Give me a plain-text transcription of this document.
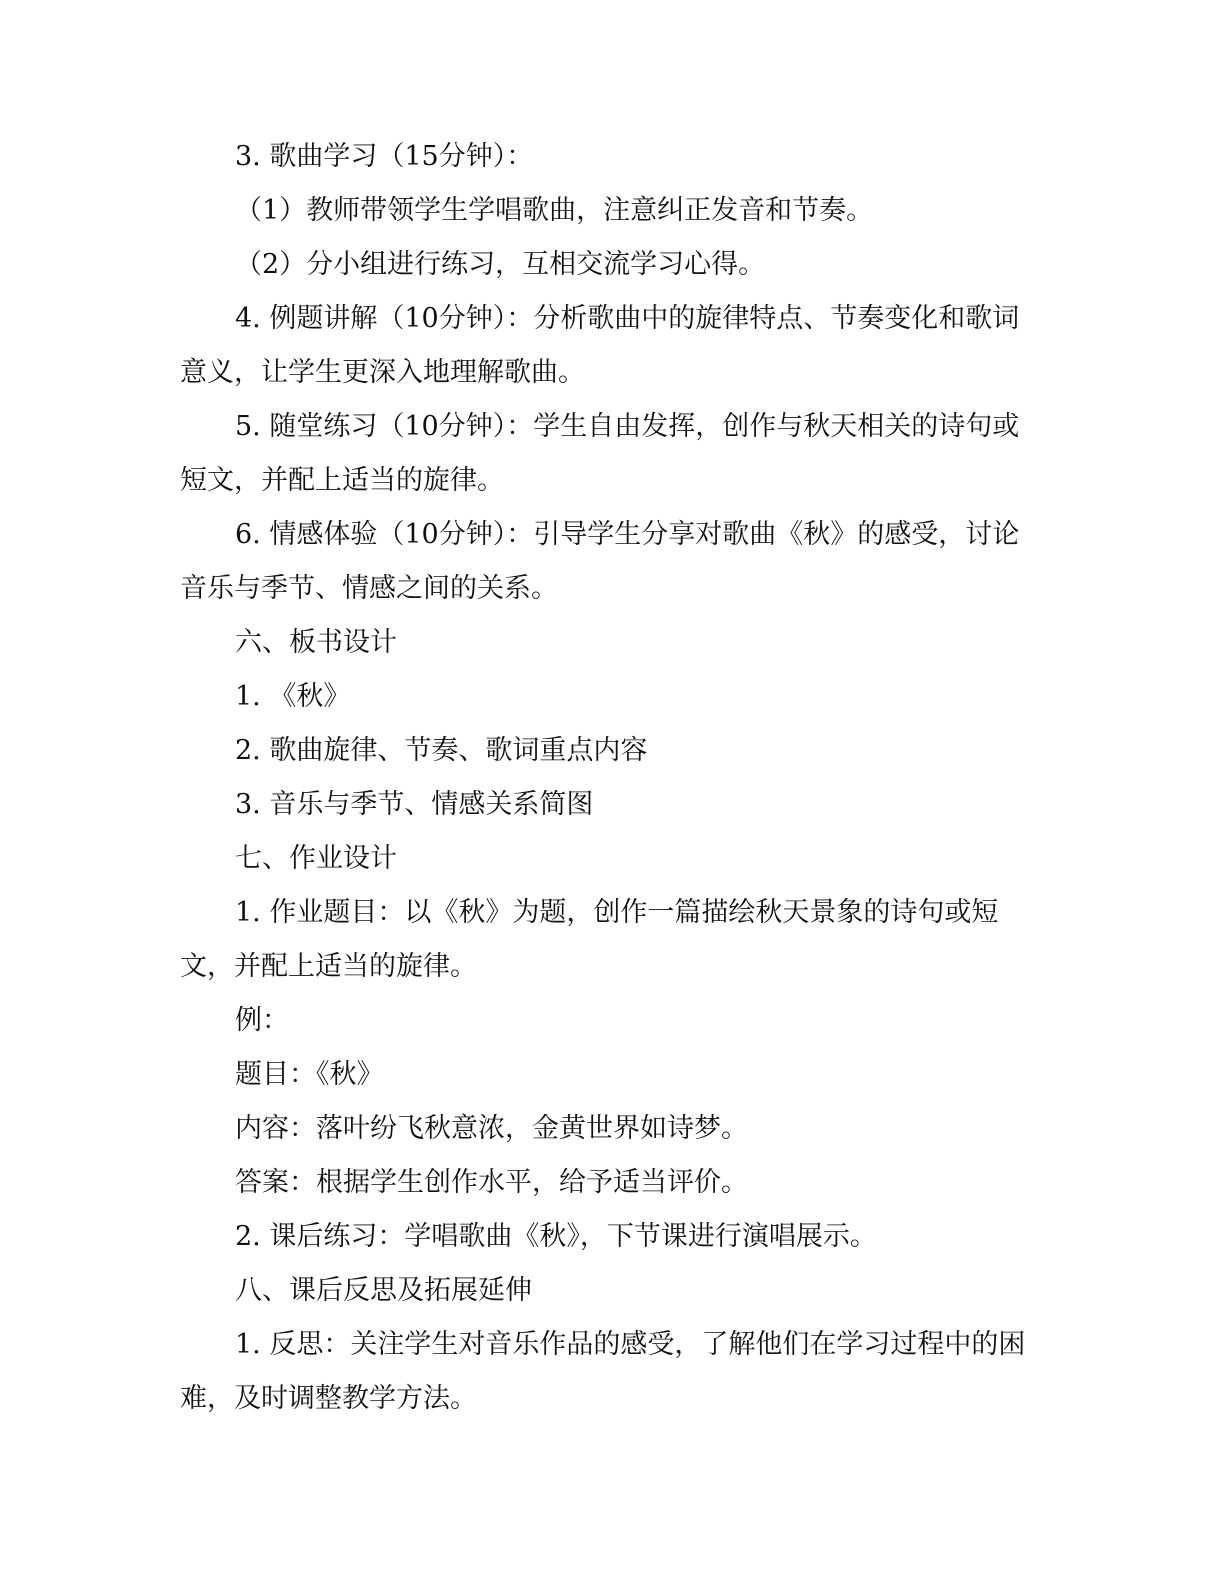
3. 歌曲学习（15分钟）：

（1）教师带领学生学唱歌曲，注意纠正发音和节奏。

（2）分小组进行练习，互相交流学习心得。

4. 例题讲解（10分钟）：分析歌曲中的旋律特点、节奏变化和歌词意义，让学生更深入地理解歌曲。

5. 随堂练习（10分钟）：学生自由发挥，创作与秋天相关的诗句或短文，并配上适当的旋律。

6. 情感体验（10分钟）：引导学生分享对歌曲《秋》的感受，讨论音乐与季节、情感之间的关系。

六、板书设计

1. 《秋》

2. 歌曲旋律、节奏、歌词重点内容

3. 音乐与季节、情感关系简图

七、作业设计

1. 作业题目：以《秋》为题，创作一篇描绘秋天景象的诗句或短文，并配上适当的旋律。

例：

题目：《秋》

内容：落叶纷飞秋意浓，金黄世界如诗梦。

答案：根据学生创作水平，给予适当评价。

2. 课后练习：学唱歌曲《秋》，下节课进行演唱展示。

八、课后反思及拓展延伸

1. 反思：关注学生对音乐作品的感受，了解他们在学习过程中的困难，及时调整教学方法。
